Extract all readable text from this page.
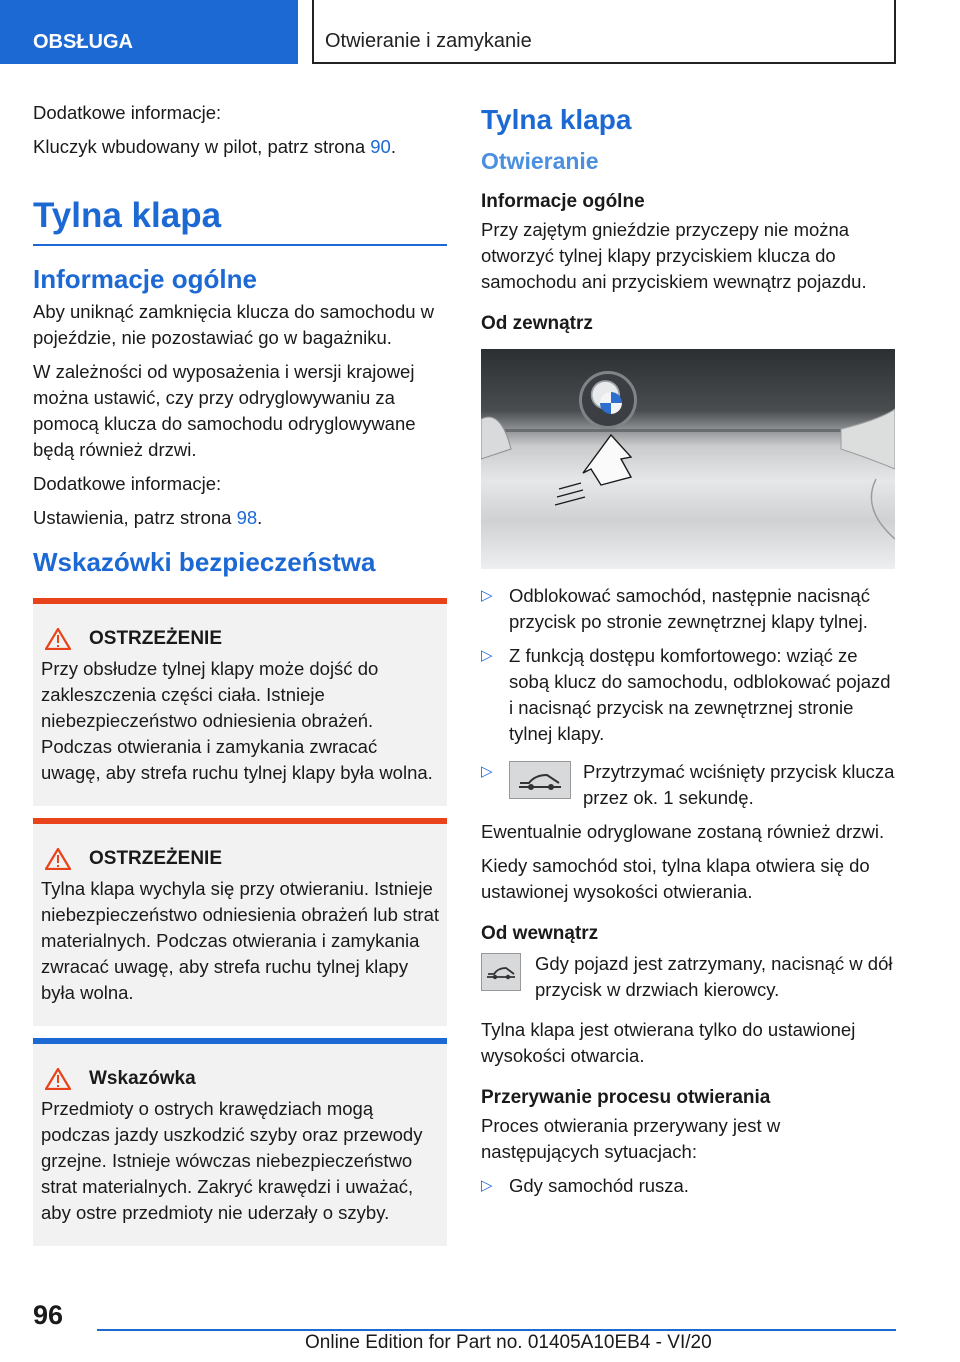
OBSŁUGA	Otwieranie i zamykanie

Dodatkowe informacje:

Kluczyk wbudowany w pilot, patrz strona 90.

Tylna klapa
Informacje ogólne

Aby uniknąć zamknięcia klucza do samochodu w pojeździe, nie pozostawiać go w bagażniku.

W zależności od wyposażenia i wersji krajowej można ustawić, czy przy odryglowywaniu za pomocą klucza do samochodu odryglowywane będą również drzwi.

Dodatkowe informacje:

Ustawienia, patrz strona 98.

Wskazówki bezpieczeństwa
OSTRZEŻENIE

Przy obsłudze tylnej klapy może dojść do zakleszczenia części ciała. Istnieje niebezpieczeństwo odniesienia obrażeń. Podczas otwierania i zamykania zwracać uwagę, aby strefa ruchu tylnej klapy była wolna.

OSTRZEŻENIE

Tylna klapa wychyla się przy otwieraniu. Istnieje niebezpieczeństwo odniesienia obrażeń lub strat materialnych. Podczas otwierania i zamykania zwracać uwagę, aby strefa ruchu tylnej klapy była wolna.

Wskazówka

Przedmioty o ostrych krawędziach mogą podczas jazdy uszkodzić szyby oraz przewody grzejne. Istnieje wówczas niebezpieczeństwo strat materialnych. Zakryć krawędzi i uważać, aby ostre przedmioty nie uderzały o szyby.

Tylna klapa
Otwieranie
Informacje ogólne

Przy zajętym gnieździe przyczepy nie można otworzyć tylnej klapy przyciskiem klucza do samochodu ani przyciskiem wewnątrz pojazdu.

Od zewnątrz
▷ Odblokować samochód, następnie nacisnąć przycisk po stronie zewnętrznej klapy tylnej.
▷ Z funkcją dostępu komfortowego: wziąć ze sobą klucz do samochodu, odblokować pojazd i nacisnąć przycisk na zewnętrznej stronie tylnej klapy.
▷	Przytrzymać wciśnięty przycisk klucza przez ok. 1 sekundę.

Ewentualnie odryglowane zostaną również drzwi.

Kiedy samochód stoi, tylna klapa otwiera się do ustawionej wysokości otwierania.

Od wewnątrz
Gdy pojazd jest zatrzymany, nacisnąć w dół przycisk w drzwiach kierowcy.

Tylna klapa jest otwierana tylko do ustawionej wysokości otwarcia.

Przerywanie procesu otwierania

Proces otwierania przerywany jest w następujących sytuacjach:

▷ Gdy samochód rusza.
96
Online Edition for Part no. 01405A10EB4 - VI/20
